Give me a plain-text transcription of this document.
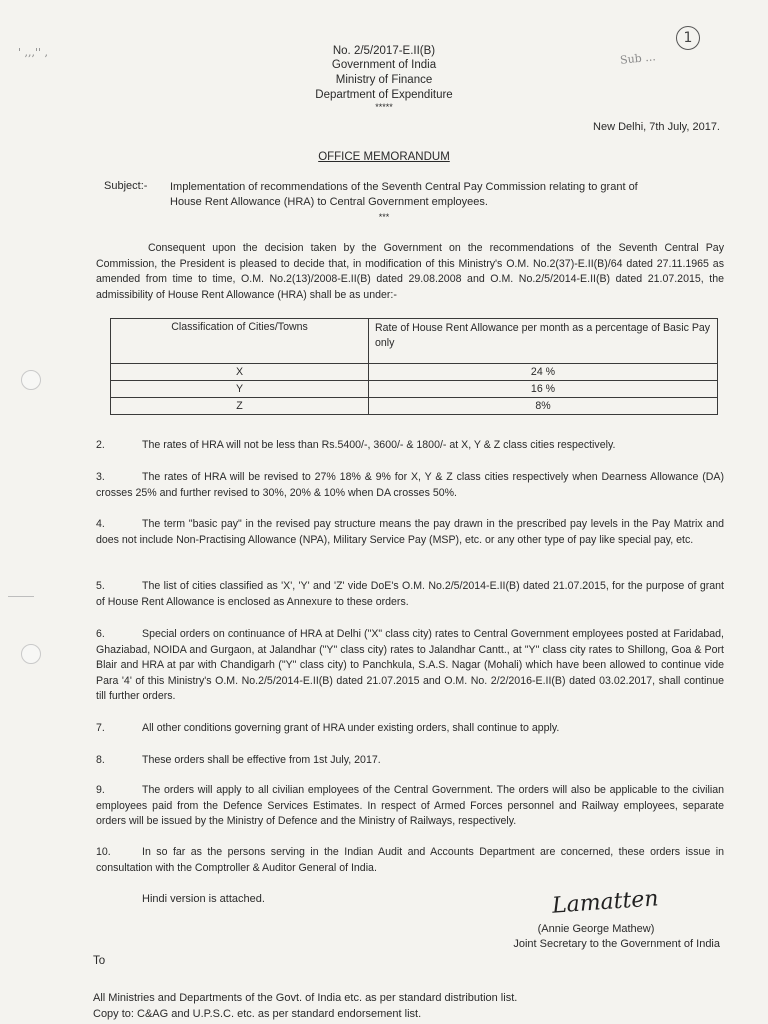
' ,,,'' ,	Sub ...
1
No. 2/5/2017-E.II(B)
Government of India
Ministry of Finance
Department of Expenditure
*****
New Delhi, 7th July, 2017.
OFFICE MEMORANDUM
Subject:- Implementation of recommendations of the Seventh Central Pay Commission relating to grant of
House Rent Allowance (HRA) to Central Government employees.
***
Consequent upon the decision taken by the Government on the recommendations of the Seventh Central Pay Commission, the President is pleased to decide that, in modification of this Ministry's O.M. No.2(37)-E.II(B)/64 dated 27.11.1965 as amended from time to time, O.M. No.2(13)/2008-E.II(B) dated 29.08.2008 and O.M. No.2/5/2014-E.II(B) dated 21.07.2015, the admissibility of House Rent Allowance (HRA) shall be as under:-
Classification of Cities/Towns	Rate of House Rent Allowance per month as a percentage of Basic Pay only
X	24 %
Y	16 %
Z	8%
2.	The rates of HRA will not be less than Rs.5400/-, 3600/- & 1800/- at X, Y & Z class cities respectively.
3.	The rates of HRA will be revised to 27% 18% & 9% for X, Y & Z class cities respectively when Dearness Allowance (DA) crosses 25% and further revised to 30%, 20% & 10% when DA crosses 50%.
4.	The term "basic pay" in the revised pay structure means the pay drawn in the prescribed pay levels in the Pay Matrix and does not include Non-Practising Allowance (NPA), Military Service Pay (MSP), etc. or any other type of pay like special pay, etc.
5.	The list of cities classified as 'X', 'Y' and 'Z' vide DoE's O.M. No.2/5/2014-E.II(B) dated 21.07.2015, for the purpose of grant of House Rent Allowance is enclosed as Annexure to these orders.
6.	Special orders on continuance of HRA at Delhi ("X" class city) rates to Central Government employees posted at Faridabad, Ghaziabad, NOIDA and Gurgaon, at Jalandhar ("Y" class city) rates to Jalandhar Cantt., at "Y" class city rates to Shillong, Goa & Port Blair and HRA at par with Chandigarh ("Y" class city) to Panchkula, S.A.S. Nagar (Mohali) which have been allowed to continue vide Para '4' of this Ministry's O.M. No.2/5/2014-E.II(B) dated 21.07.2015 and O.M. No. 2/2/2016-E.II(B) dated 03.02.2017, shall continue till further orders.
7.	All other conditions governing grant of HRA under existing orders, shall continue to apply.
8.	These orders shall be effective from 1st July, 2017.
9.	The orders will apply to all civilian employees of the Central Government. The orders will also be applicable to the civilian employees paid from the Defence Services Estimates. In respect of Armed Forces personnel and Railway employees, separate orders will be issued by the Ministry of Defence and the Ministry of Railways, respectively.
10.	In so far as the persons serving in the Indian Audit and Accounts Department are concerned, these orders issue in consultation with the Comptroller & Auditor General of India.
Hindi version is attached.	Lamatten
(Annie George Mathew)
Joint Secretary to the Government of India
To
All Ministries and Departments of the Govt. of India etc. as per standard distribution list.
Copy to: C&AG and U.P.S.C. etc. as per standard endorsement list.
